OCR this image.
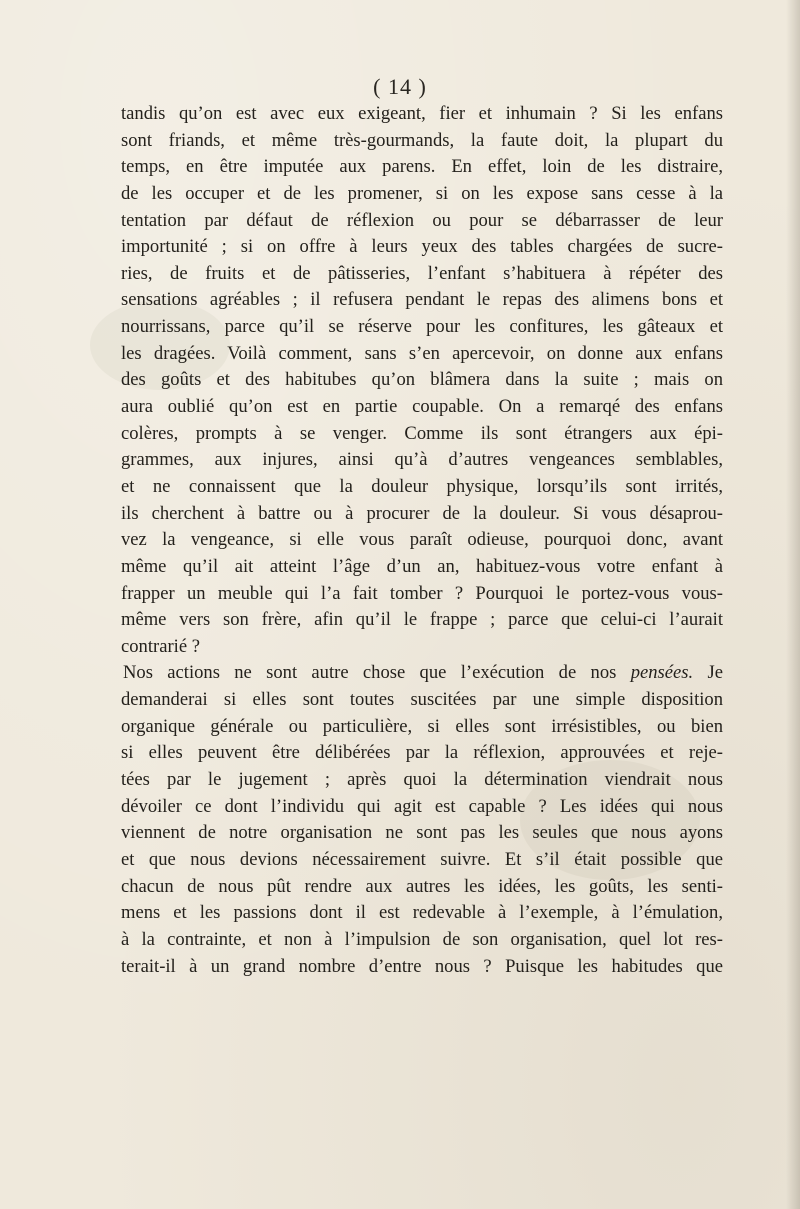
( 14 )
tandis qu’on est avec eux exigeant, fier et inhumain ? Si les enfans
sont friands, et même très-gourmands, la faute doit, la plupart du
temps, en être imputée aux parens. En effet, loin de les distraire,
de les occuper et de les promener, si on les expose sans cesse à la
tentation par défaut de réflexion ou pour se débarrasser de leur
importunité ; si on offre à leurs yeux des tables chargées de sucre-
ries, de fruits et de pâtisseries, l’enfant s’habituera à répéter des
sensations agréables ; il refusera pendant le repas des alimens bons et
nourrissans, parce qu’il se réserve pour les confitures, les gâteaux et
les dragées. Voilà comment, sans s’en apercevoir, on donne aux enfans
des goûts et des habitubes qu’on blâmera dans la suite ; mais on
aura oublié qu’on est en partie coupable. On a remarqé des enfans
colères, prompts à se venger. Comme ils sont étrangers aux épi-
grammes, aux injures, ainsi qu’à d’autres vengeances semblables,
et ne connaissent que la douleur physique, lorsqu’ils sont irrités,
ils cherchent à battre ou à procurer de la douleur. Si vous désaprou-
vez la vengeance, si elle vous paraît odieuse, pourquoi donc, avant
même qu’il ait atteint l’âge d’un an, habituez-vous votre enfant à
frapper un meuble qui l’a fait tomber ? Pourquoi le portez-vous vous-
même vers son frère, afin qu’il le frappe ; parce que celui-ci l’aurait
contrarié ?
Nos actions ne sont autre chose que l’exécution de nos pensées. Je
demanderai si elles sont toutes suscitées par une simple disposition
organique générale ou particulière, si elles sont irrésistibles, ou bien
si elles peuvent être délibérées par la réflexion, approuvées et reje-
tées par le jugement ; après quoi la détermination viendrait nous
dévoiler ce dont l’individu qui agit est capable ? Les idées qui nous
viennent de notre organisation ne sont pas les seules que nous ayons
et que nous devions nécessairement suivre. Et s’il était possible que
chacun de nous pût rendre aux autres les idées, les goûts, les senti-
mens et les passions dont il est redevable à l’exemple, à l’émulation,
à la contrainte, et non à l’impulsion de son organisation, quel lot res-
terait-il à un grand nombre d’entre nous ? Puisque les habitudes que
